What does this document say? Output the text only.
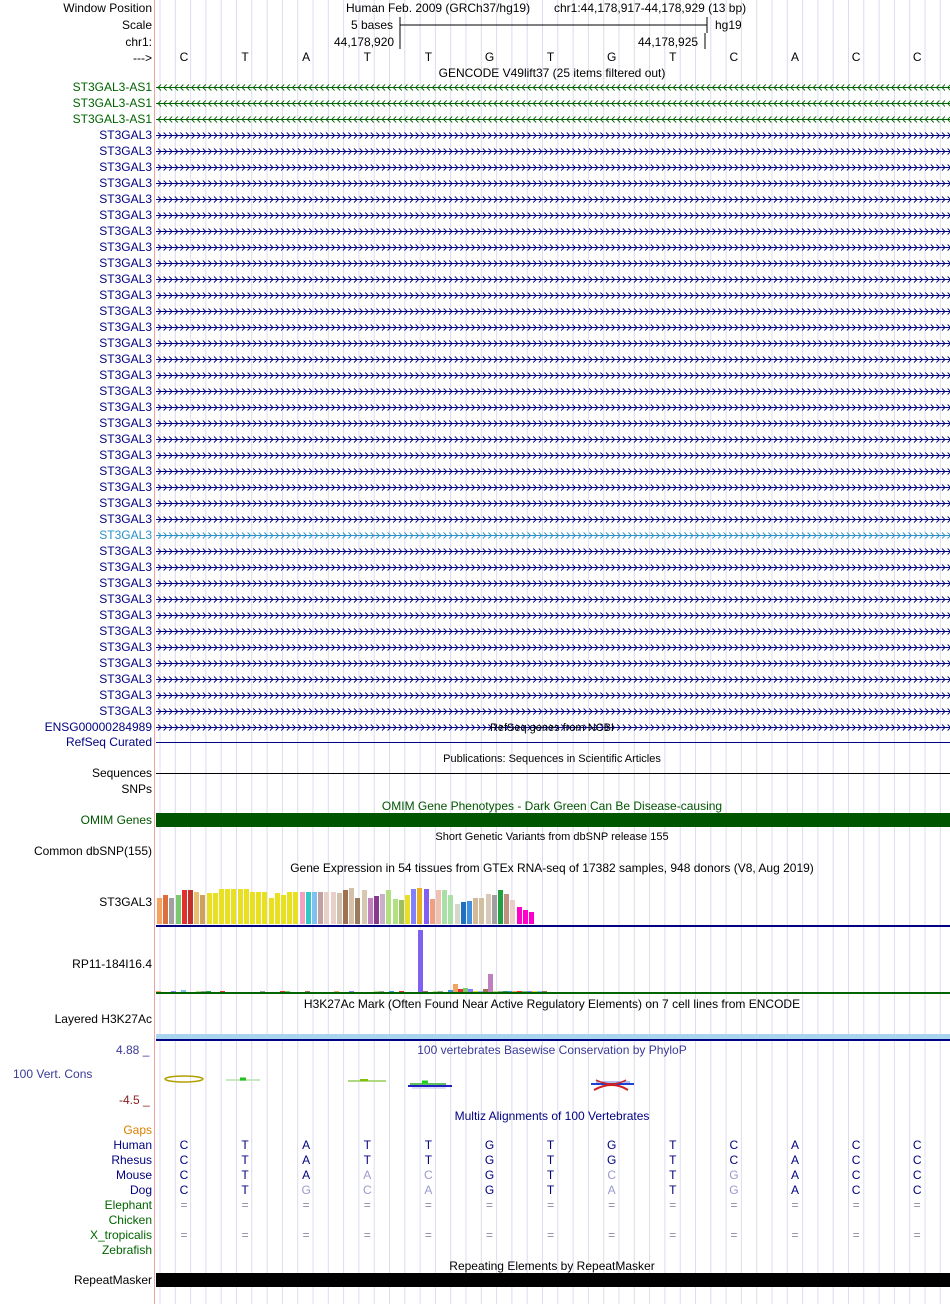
Window Position
Scale
chr1:
--->
Human Feb. 2009 (GRCh37/hg19) chr1:44,178,917-44,178,929 (13 bp)
5 bases	hg19
44,178,920	44,178,925
C	T	A	T	T	G	T	G	T	C	A	C	C
GENCODE V49lift37 (25 items filtered out)
ST3GAL3-AS1
ST3GAL3-AS1
ST3GAL3-AS1
ST3GAL3
ST3GAL3
ST3GAL3
ST3GAL3
ST3GAL3
ST3GAL3
ST3GAL3
ST3GAL3
ST3GAL3
ST3GAL3
ST3GAL3
ST3GAL3
ST3GAL3
ST3GAL3
ST3GAL3
ST3GAL3
ST3GAL3
ST3GAL3
ST3GAL3
ST3GAL3
ST3GAL3
ST3GAL3
ST3GAL3
ST3GAL3
ST3GAL3
ST3GAL3
ST3GAL3
ST3GAL3
ST3GAL3
ST3GAL3
ST3GAL3
ST3GAL3
ST3GAL3
ST3GAL3
ST3GAL3
ST3GAL3
ST3GAL3
ENSG00000284989	RefSeq genes from NCBI
RefSeq Curated
Publications: Sequences in Scientific Articles
Sequences
SNPs
OMIM Gene Phenotypes - Dark Green Can Be Disease-causing
OMIM Genes
Short Genetic Variants from dbSNP release 155
Common dbSNP(155)
Gene Expression in 54 tissues from GTEx RNA-seq of 17382 samples, 948 donors (V8, Aug 2019)
ST3GAL3
RP11-184I16.4
H3K27Ac Mark (Often Found Near Active Regulatory Elements) on 7 cell lines from ENCODE
Layered H3K27Ac
100 vertebrates Basewise Conservation by PhyloP
4.88 _
100 Vert. Cons
-4.5 _
Multiz Alignments of 100 Vertebrates
Gaps
Human C	T	A	T	T	G	T	G	T	C	A	C	C
Rhesus C	T	A	T	T	G	T	G	T	C	A	C	C
Mouse C	T	A	A	C	G	T	C	T	G	A	C	C
Dog C	T	G	C	A	G	T	A	T	G	A	C	C
Elephant =	=	=	=	=	=	=	=	=	=	=	=	=
Chicken
X_tropicalis =	=	=	=	=	=	=	=	=	=	=	=	=
Zebrafish
Repeating Elements by RepeatMasker
RepeatMasker
